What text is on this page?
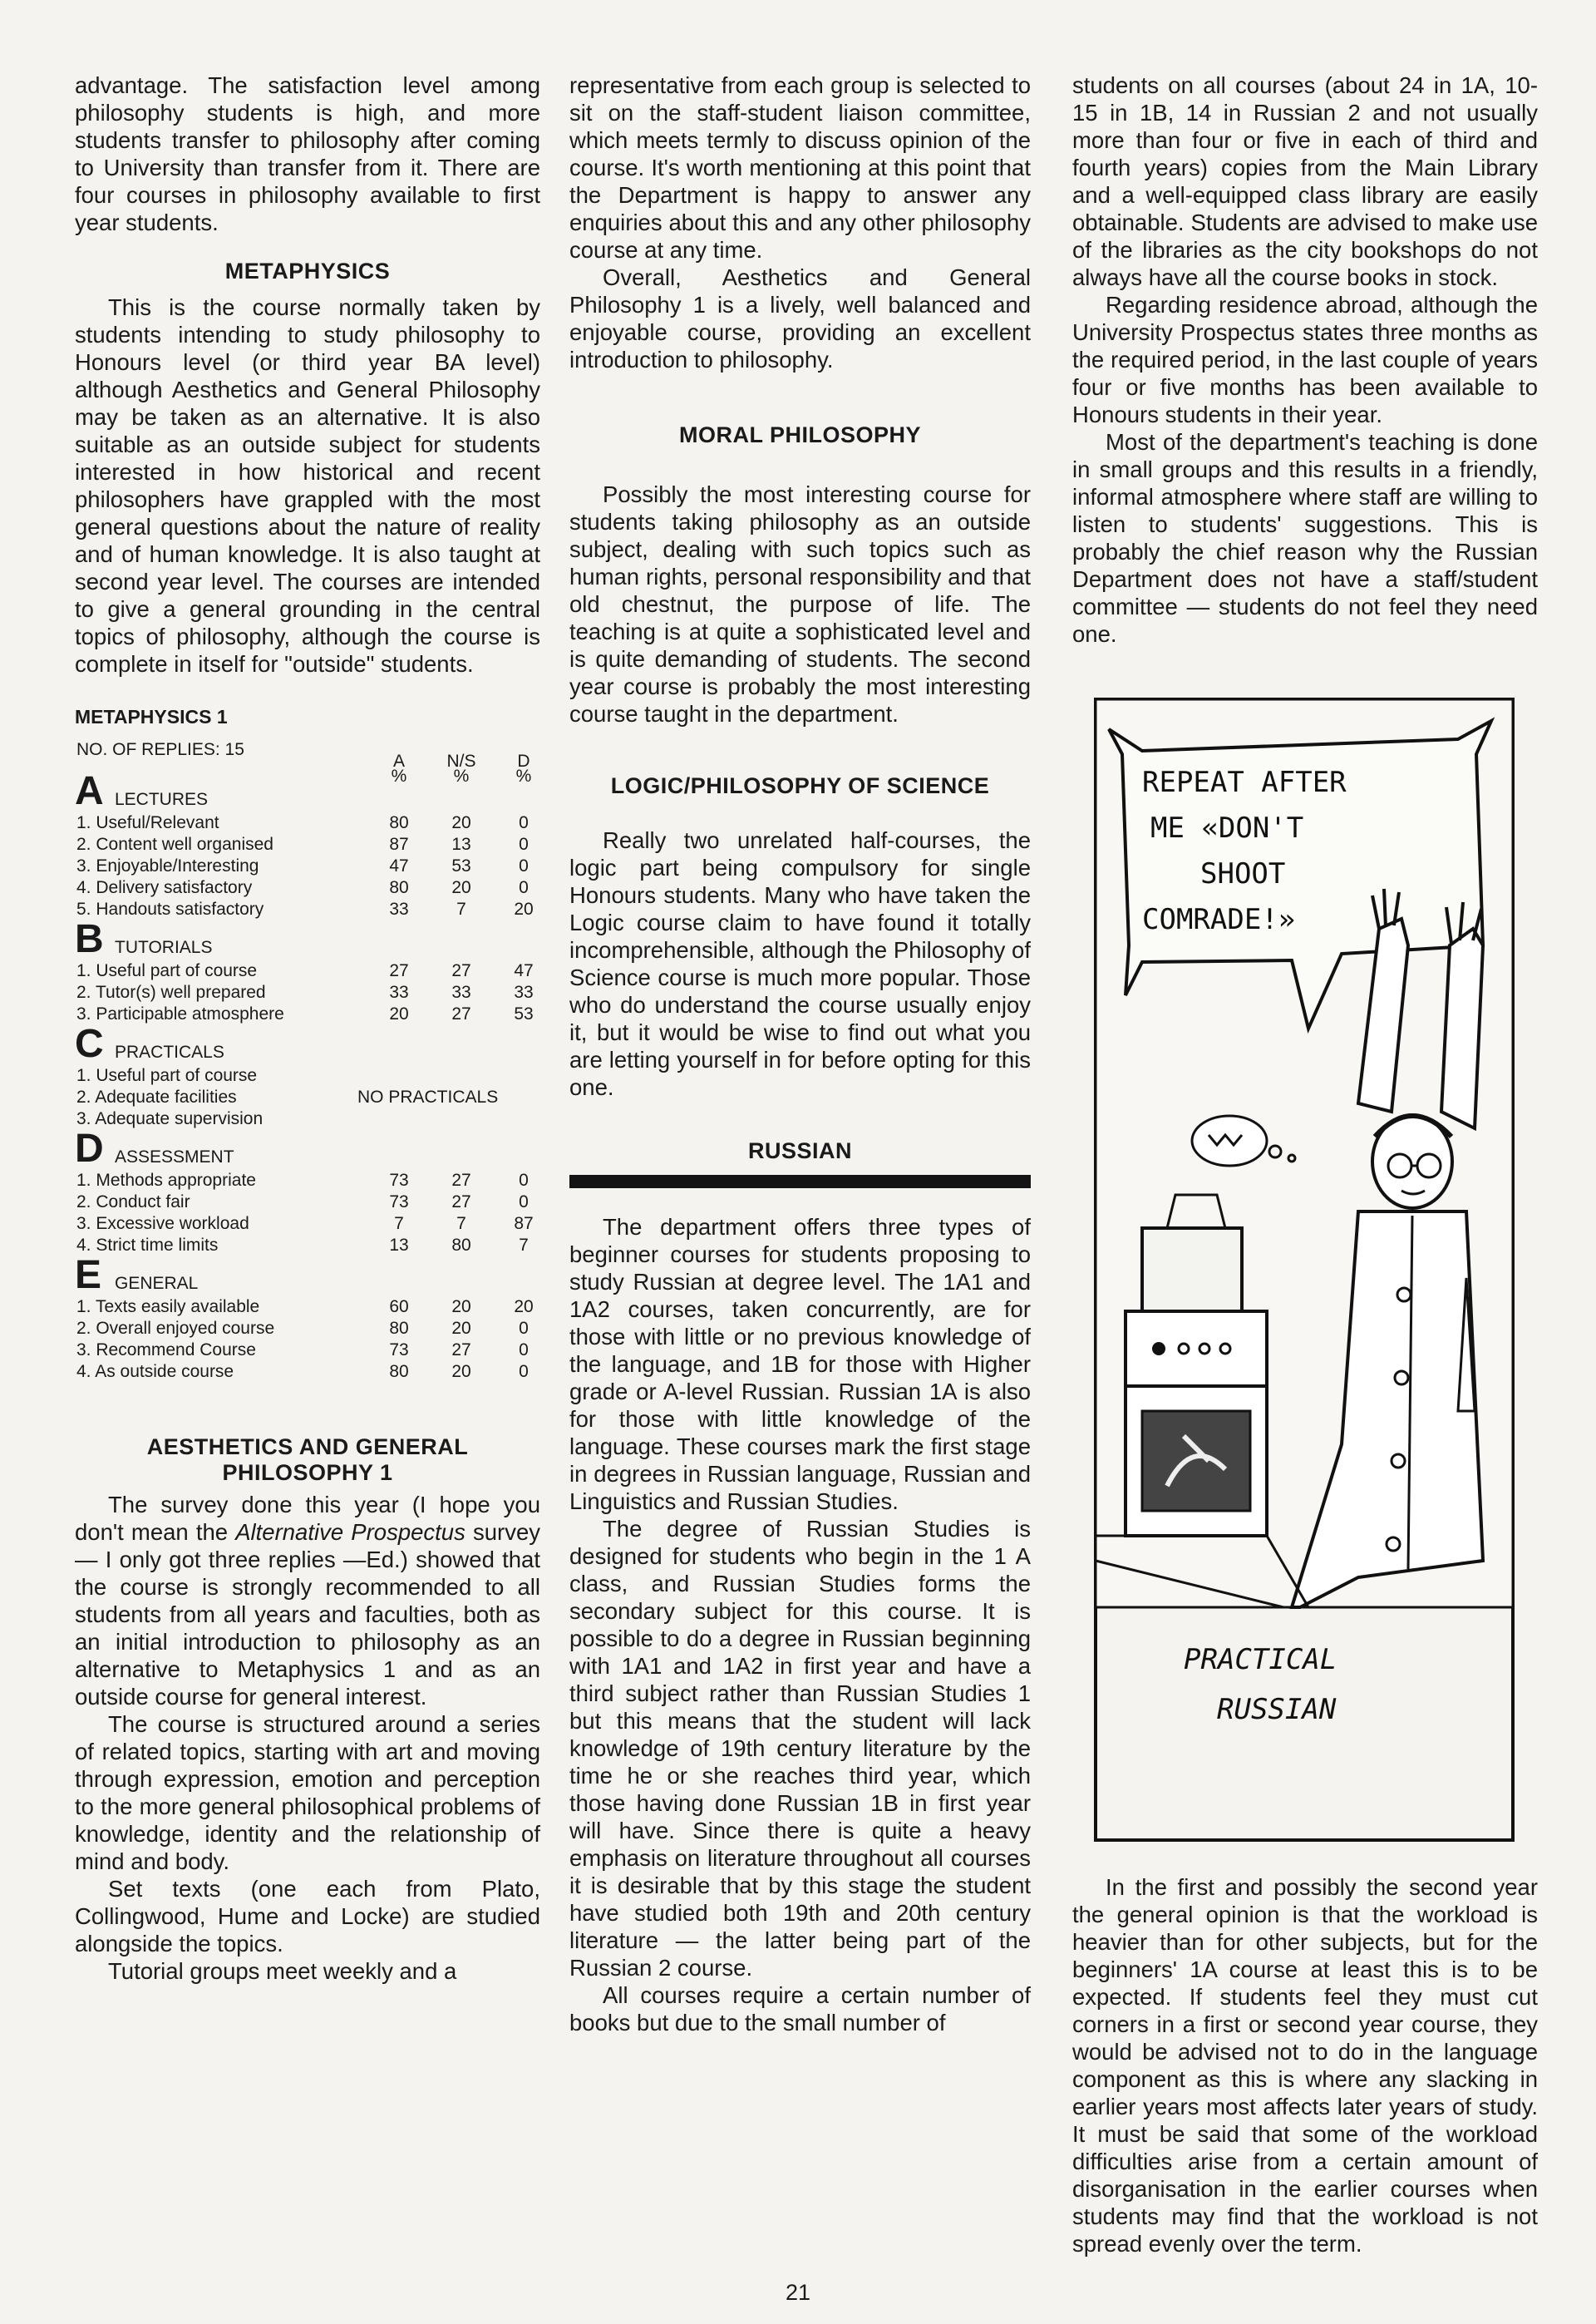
advantage. The satisfaction level among philosophy students is high, and more students transfer to philosophy after coming to University than transfer from it. There are four courses in philosophy available to first year students.

METAPHYSICS

This is the course normally taken by students intending to study philosophy to Honours level (or third year BA level) although Aesthetics and General Philosophy may be taken as an alternative. It is also suitable as an outside subject for students interested in how historical and recent philosophers have grappled with the most general questions about the nature of reality and of human knowledge. It is also taught at second year level. The courses are intended to give a general grounding in the central topics of philosophy, although the course is complete in itself for "outside" students.

METAPHYSICS 1
NO. OF REPLIES: 15
A	N/S	D
%	%	%
A LECTURES
1. Useful/Relevant	80	20	0
2. Content well organised	87	13	0
3. Enjoyable/Interesting	47	53	0
4. Delivery satisfactory	80	20	0
5. Handouts satisfactory	33	7	20
B TUTORIALS
1. Useful part of course	27	27	47
2. Tutor(s) well prepared	33	33	33
3. Participable atmosphere	20	27	53
C PRACTICALS
1. Useful part of course
2. Adequate facilities	NO PRACTICALS
3. Adequate supervision
D ASSESSMENT
1. Methods appropriate	73	27	0
2. Conduct fair	73	27	0
3. Excessive workload	7	7	87
4. Strict time limits	13	80	7
E GENERAL
1. Texts easily available	60	20	20
2. Overall enjoyed course	80	20	0
3. Recommend Course	73	27	0
4. As outside course	80	20	0
AESTHETICS AND GENERAL
PHILOSOPHY 1

The survey done this year (I hope you don't mean the Alternative Prospectus survey — I only got three replies —Ed.) showed that the course is strongly recommended to all students from all years and faculties, both as an initial introduction to philosophy as an alternative to Metaphysics 1 and as an outside course for general interest.

The course is structured around a series of related topics, starting with art and moving through expression, emotion and perception to the more general philosophical problems of knowledge, identity and the relationship of mind and body.

Set texts (one each from Plato, Collingwood, Hume and Locke) are studied alongside the topics.

Tutorial groups meet weekly and a

representative from each group is selected to sit on the staff-student liaison committee, which meets termly to discuss opinion of the course. It's worth mentioning at this point that the Department is happy to answer any enquiries about this and any other philosophy course at any time.

Overall, Aesthetics and General Philosophy 1 is a lively, well balanced and enjoyable course, providing an excellent introduction to philosophy.

MORAL PHILOSOPHY

Possibly the most interesting course for students taking philosophy as an outside subject, dealing with such topics such as human rights, personal responsibility and that old chestnut, the purpose of life. The teaching is at quite a sophisticated level and is quite demanding of students. The second year course is probably the most interesting course taught in the department.

LOGIC/PHILOSOPHY OF SCIENCE

Really two unrelated half-courses, the logic part being compulsory for single Honours students. Many who have taken the Logic course claim to have found it totally incomprehensible, although the Philosophy of Science course is much more popular. Those who do understand the course usually enjoy it, but it would be wise to find out what you are letting yourself in for before opting for this one.

RUSSIAN

The department offers three types of beginner courses for students proposing to study Russian at degree level. The 1A1 and 1A2 courses, taken concurrently, are for those with little or no previous knowledge of the language, and 1B for those with Higher grade or A-level Russian. Russian 1A is also for those with little knowledge of the language. These courses mark the first stage in degrees in Russian language, Russian and Linguistics and Russian Studies.

The degree of Russian Studies is designed for students who begin in the 1 A class, and Russian Studies forms the secondary subject for this course. It is possible to do a degree in Russian beginning with 1A1 and 1A2 in first year and have a third subject rather than Russian Studies 1 but this means that the student will lack knowledge of 19th century literature by the time he or she reaches third year, which those having done Russian 1B in first year will have. Since there is quite a heavy emphasis on literature throughout all courses it is desirable that by this stage the student have studied both 19th and 20th century literature — the latter being part of the Russian 2 course.

All courses require a certain number of books but due to the small number of

students on all courses (about 24 in 1A, 10-15 in 1B, 14 in Russian 2 and not usually more than four or five in each of third and fourth years) copies from the Main Library and a well-equipped class library are easily obtainable. Students are advised to make use of the libraries as the city bookshops do not always have all the course books in stock.

Regarding residence abroad, although the University Prospectus states three months as the required period, in the last couple of years four or five months has been available to Honours students in their year.

Most of the department's teaching is done in small groups and this results in a friendly, informal atmosphere where staff are willing to listen to students' suggestions. This is probably the chief reason why the Russian Department does not have a staff/student committee — students do not feel they need one.

REPEAT AFTER
ME «DON'T
SHOOT
COMRADE!»
PRACTICAL
RUSSIAN

In the first and possibly the second year the general opinion is that the workload is heavier than for other subjects, but for the beginners' 1A course at least this is to be expected. If students feel they must cut corners in a first or second year course, they would be advised not to do in the language component as this is where any slacking in earlier years most affects later years of study. It must be said that some of the workload difficulties arise from a certain amount of disorganisation in the earlier courses when students may find that the workload is not spread evenly over the term.

21
